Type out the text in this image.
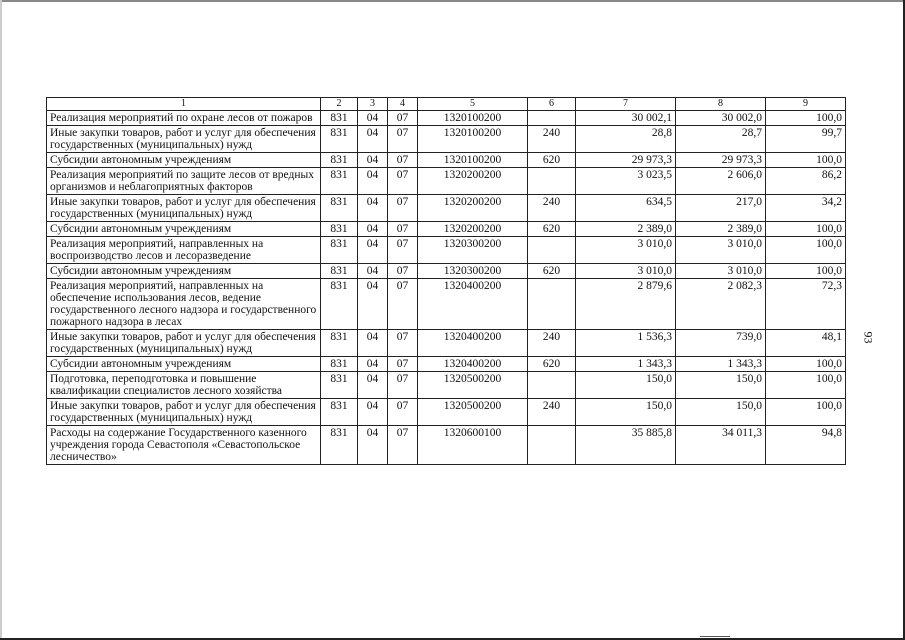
93
1	2	3	4	5	6	7	8	9
Реализация мероприятий по охране лесов от пожаров	831	04	07	1320100200		30 002,1	30 002,0	100,0
Иные закупки товаров, работ и услуг для обеспечения государственных (муниципальных) нужд	831	04	07	1320100200	240	28,8	28,7	99,7
Субсидии автономным учреждениям	831	04	07	1320100200	620	29 973,3	29 973,3	100,0
Реализация мероприятий по защите лесов от вредных организмов и неблагоприятных факторов	831	04	07	1320200200		3 023,5	2 606,0	86,2
Иные закупки товаров, работ и услуг для обеспечения государственных (муниципальных) нужд	831	04	07	1320200200	240	634,5	217,0	34,2
Субсидии автономным учреждениям	831	04	07	1320200200	620	2 389,0	2 389,0	100,0
Реализация мероприятий, направленных на воспроизводство лесов и лесоразведение	831	04	07	1320300200		3 010,0	3 010,0	100,0
Субсидии автономным учреждениям	831	04	07	1320300200	620	3 010,0	3 010,0	100,0
Реализация мероприятий, направленных на обеспечение использования лесов, ведение государственного лесного надзора и государственного пожарного надзора в лесах	831	04	07	1320400200		2 879,6	2 082,3	72,3
Иные закупки товаров, работ и услуг для обеспечения государственных (муниципальных) нужд	831	04	07	1320400200	240	1 536,3	739,0	48,1
Субсидии автономным учреждениям	831	04	07	1320400200	620	1 343,3	1 343,3	100,0
Подготовка, переподготовка и повышение квалификации специалистов лесного хозяйства	831	04	07	1320500200		150,0	150,0	100,0
Иные закупки товаров, работ и услуг для обеспечения государственных (муниципальных) нужд	831	04	07	1320500200	240	150,0	150,0	100,0
Расходы на содержание Государственного казенного учреждения города Севастополя «Севастопольское лесничество»	831	04	07	1320600100		35 885,8	34 011,3	94,8
